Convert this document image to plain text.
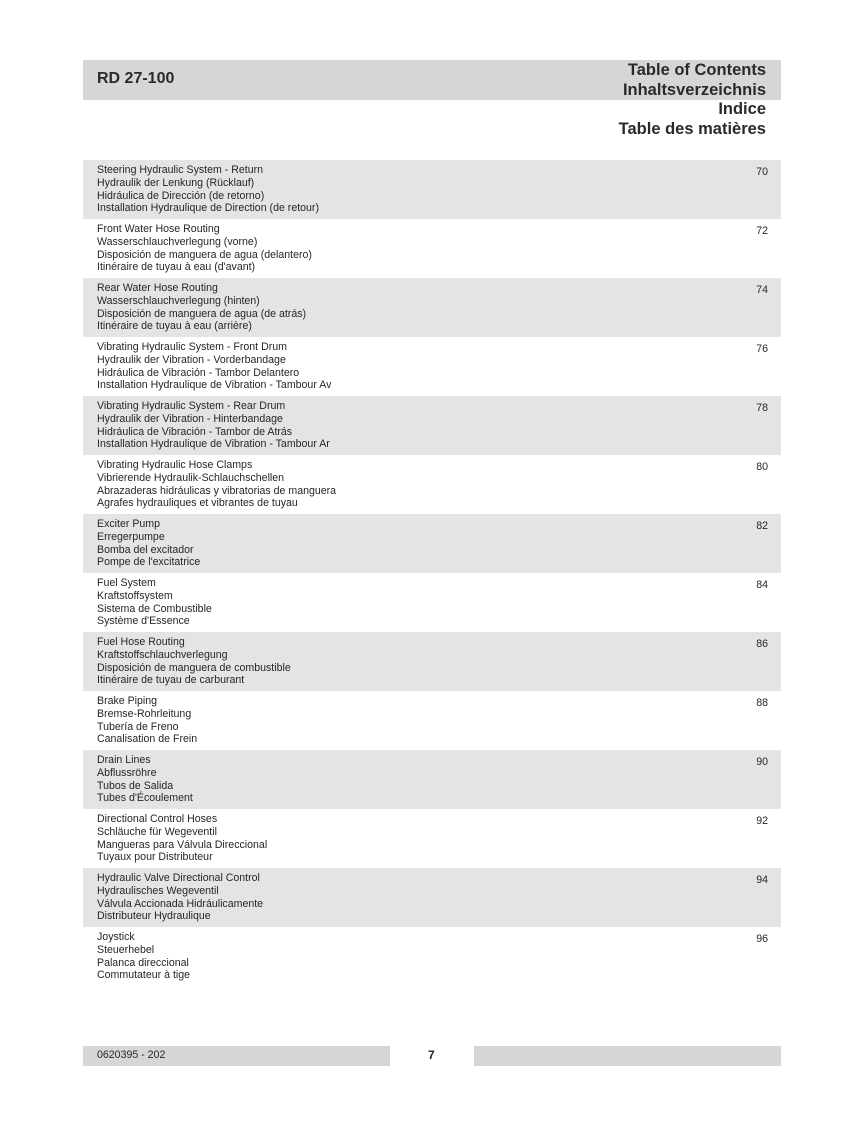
RD 27-100	Table of Contents
Inhaltsverzeichnis
Indice
Table des matières
Steering Hydraulic System - Return
Hydraulik der Lenkung (Rücklauf)
Hidráulica de Dirección (de retorno)
Installation Hydraulique de Direction (de retour)
70
Front Water Hose Routing
Wasserschlauchverlegung (vorne)
Disposición de manguera de agua (delantero)
Itinéraire de tuyau à eau (d'avant)
72
Rear Water Hose Routing
Wasserschlauchverlegung (hinten)
Disposición de manguera de agua (de atrás)
Itinéraire de tuyau à eau (arrière)
74
Vibrating Hydraulic System - Front Drum
Hydraulik der Vibration - Vorderbandage
Hidráulica de Vibración - Tambor Delantero
Installation Hydraulique de Vibration - Tambour Av
76
Vibrating Hydraulic System - Rear Drum
Hydraulik der Vibration - Hinterbandage
Hidráulica de Vibración - Tambor de Atrás
Installation Hydraulique de Vibration - Tambour Ar
78
Vibrating Hydraulic Hose Clamps
Vibrierende Hydraulik-Schlauchschellen
Abrazaderas hidráulicas y vibratorias de manguera
Agrafes hydrauliques et vibrantes de tuyau
80
Exciter Pump
Erregerpumpe
Bomba del excitador
Pompe de l'excitatrice
82
Fuel System
Kraftstoffsystem
Sistema de Combustible
Système d'Essence
84
Fuel Hose Routing
Kraftstoffschlauchverlegung
Disposición de manguera de combustible
Itinéraire de tuyau de carburant
86
Brake Piping
Bremse-Rohrleitung
Tubería de Freno
Canalisation de Frein
88
Drain Lines
Abflussröhre
Tubos de Salida
Tubes d'Écoulement
90
Directional Control Hoses
Schläuche für Wegeventil
Mangueras para Válvula Direccional
Tuyaux pour Distributeur
92
Hydraulic Valve Directional Control
Hydraulisches Wegeventil
Válvula Accionada Hidráulicamente
Distributeur Hydraulique
94
Joystick
Steuerhebel
Palanca direccional
Commutateur à tige
96
0620395 - 202	7
